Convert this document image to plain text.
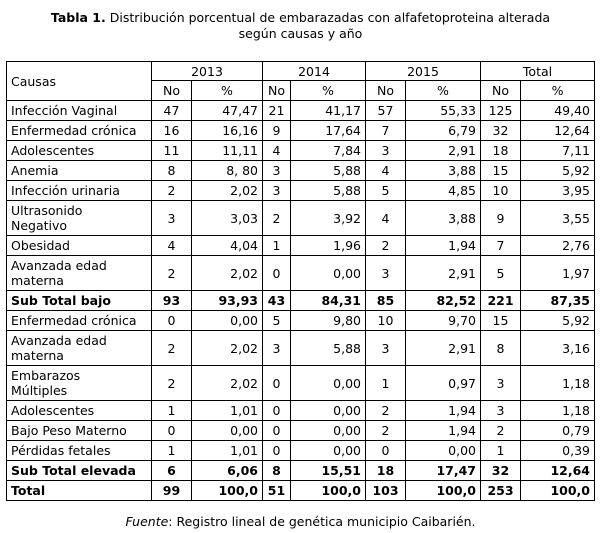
Tabla 1. Distribución porcentual de embarazadas con alfafetoproteina alterada
según causas y año
Causas	2013		2014		2015		Total	
	No	%	No	%	No	%	No	%

Infección Vaginal	47	47,47	21	41,17	57	55,33	125	49,40

Enfermedad crónica	16	16,16	9	17,64	7	6,79	32	12,64

Adolescentes	11	11,11	4	7,84	3	2,91	18	7,11

Anemia	8	8, 80	3	5,88	4	3,88	15	5,92

Infección urinaria	2	2,02	3	5,88	5	4,85	10	3,95

Ultrasonido
Negativo	3	3,03	2	3,92	4	3,88	9	3,55

Obesidad	4	4,04	1	1,96	2	1,94	7	2,76

Avanzada edad
materna	2	2,02	0	0,00	3	2,91	5	1,97

Sub Total bajo	93	93,93	43	84,31	85	82,52	221	87,35

Enfermedad crónica	0	0,00	5	9,80	10	9,70	15	5,92

Avanzada edad
materna	2	2,02	3	5,88	3	2,91	8	3,16

Embarazos
Múltiples	2	2,02	0	0,00	1	0,97	3	1,18

Adolescentes	1	1,01	0	0,00	2	1,94	3	1,18

Bajo Peso Materno	0	0,00	0	0,00	2	1,94	2	0,79

Pérdidas fetales	1	1,01	0	0,00	0	0,00	1	0,39

Sub Total elevada	6	6,06	8	15,51	18	17,47	32	12,64

Total	99	100,0	51	100,0	103	100,0	253	100,0
Fuente: Registro lineal de genética municipio Caibarién.
